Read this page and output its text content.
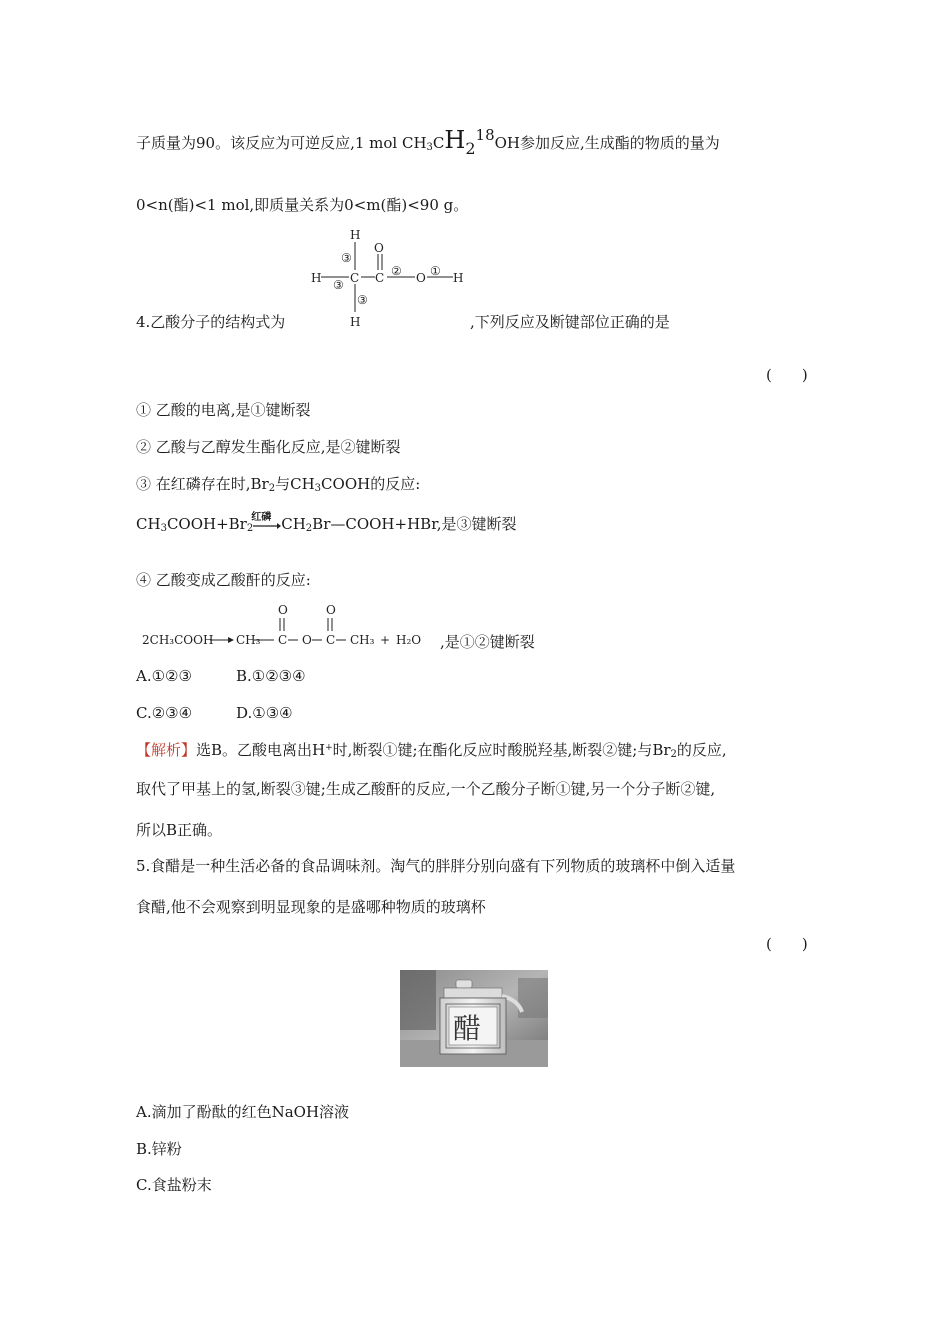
子质量为90。该反应为可逆反应,1 mol $CH_3CH218OH$参加反应,生成酯的物质的量为
0<n(酯)<1 mol,即质量关系为0<m(酯)<90 g。
H
O
H C C	O H
H
③
③
③
② ①
4.乙酸分子的结构式为	,下列反应及断键部位正确的是
(　　)
① 乙酸的电离,是①键断裂
② 乙酸与乙醇发生酯化反应,是②键断裂
③ 在红磷存在时$,Br_2$与$CH_3COOH$的反应:
$CH_3COOH+Br_2$
红磷 $CH_2Br—COOH+HBr$,是③键断裂
④ 乙酸变成乙酸酐的反应:
2CH₃COOH CH₃ C O C CH₃ + H₂O
O	O
,是①②键断裂
A.①②③	B.①②③④
C.②③④	D.①③④
【解析】选B。乙酸电离出H+时,断裂①键;在酯化反应时酸脱羟基,断裂②键;与$Br_2$的反应,
取代了甲基上的氢,断裂③键;生成乙酸酐的反应,一个乙酸分子断①键,另一个分子断②键,
所以B正确。
5.食醋是一种生活必备的食品调味剂。淘气的胖胖分别向盛有下列物质的玻璃杯中倒入适量
食醋,他不会观察到明显现象的是盛哪种物质的玻璃杯
(　　)
醋
A.滴加了酚酞的红色NaOH溶液
B.锌粉
C.食盐粉末
